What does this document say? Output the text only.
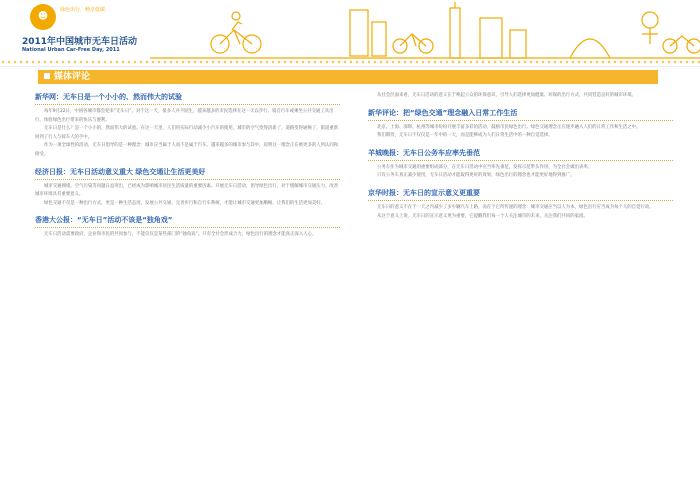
☻
绿色出行，畅享低碳
2011年中国城市无车日活动
National Urban Car-Free Day, 2011
媒体评论
新华网：无车日是一个小小的、然而伟大的试验

每年9月22日，中国各城市都会迎来“无车日”。对于这一天，很多人并不陌生，越来越多的市民选择在这一天以步行、骑自行车或乘坐公共交通工具出行，体验绿色出行带来的快乐与便利。

无车日是什么？是一个小小的、然而伟大的试验。在这一天里，人们用实际行动减少小汽车的使用，城市的空气变得清新了，道路变得通畅了，街道重新回到了行人与骑车人的手中。

作为一项全球性的活动，无车日倡导的是一种理念：城市应当属于人而不是属于汽车。越来越多的城市参与其中，说明这一理念正在被更多的人所认同和接受。

经济日报：无车日活动意义重大 绿色交通让生活更美好

城市交通拥堵、空气污染等问题日益突出，已经成为影响城市居民生活质量的重要因素。开展无车日活动，倡导绿色出行，对于缓解城市交通压力、改善城市环境具有重要意义。

绿色交通不仅是一种出行方式，更是一种生活态度。发展公共交通、完善步行和自行车系统，才能让城市交通更加顺畅，让我们的生活更加美好。

香港大公报：“无车日”活动不该是“独角戏”

无车日活动需要政府、企业和市民的共同参与，不能仅仅是某些部门的“独角戏”。只有全社会形成合力，绿色出行的理念才能真正深入人心。

从社会层面来看，无车日活动的意义在于唤起公众的环保意识，引导人们选择更加健康、环保的出行方式，共同营造良好的城市环境。

新华评论：把“绿色交通”理念融入日常工作生活

北京、上海、深圳、杭州等城市纷纷开展丰富多彩的活动，鼓励市民绿色出行。绿色交通理念正在逐步融入人们的日常工作和生活之中。

我们期待，无车日不仅仅是一年中的一天，而是能够成为人们日常生活中的一种自觉选择。

羊城晚报：无车日公务车应率先垂范

公务车作为城市交通的重要组成部分，在无车日活动中应当率先垂范，发挥示范带头作用，为全社会做出表率。

只有公务车真正减少使用，无车日活动才能取得更好的效果，绿色出行的理念也才能更好地得到推广。

京华时报：无车日的宣示意义更重要

无车日的意义不在于一天之内减少了多少辆汽车上路，而在于它所传递的理念：城市交通应当以人为本，绿色出行应当成为每个人的自觉行动。

从这个意义上说，无车日的宣示意义更为重要，它提醒我们每一个人关注城市的未来，关注我们共同的家园。
